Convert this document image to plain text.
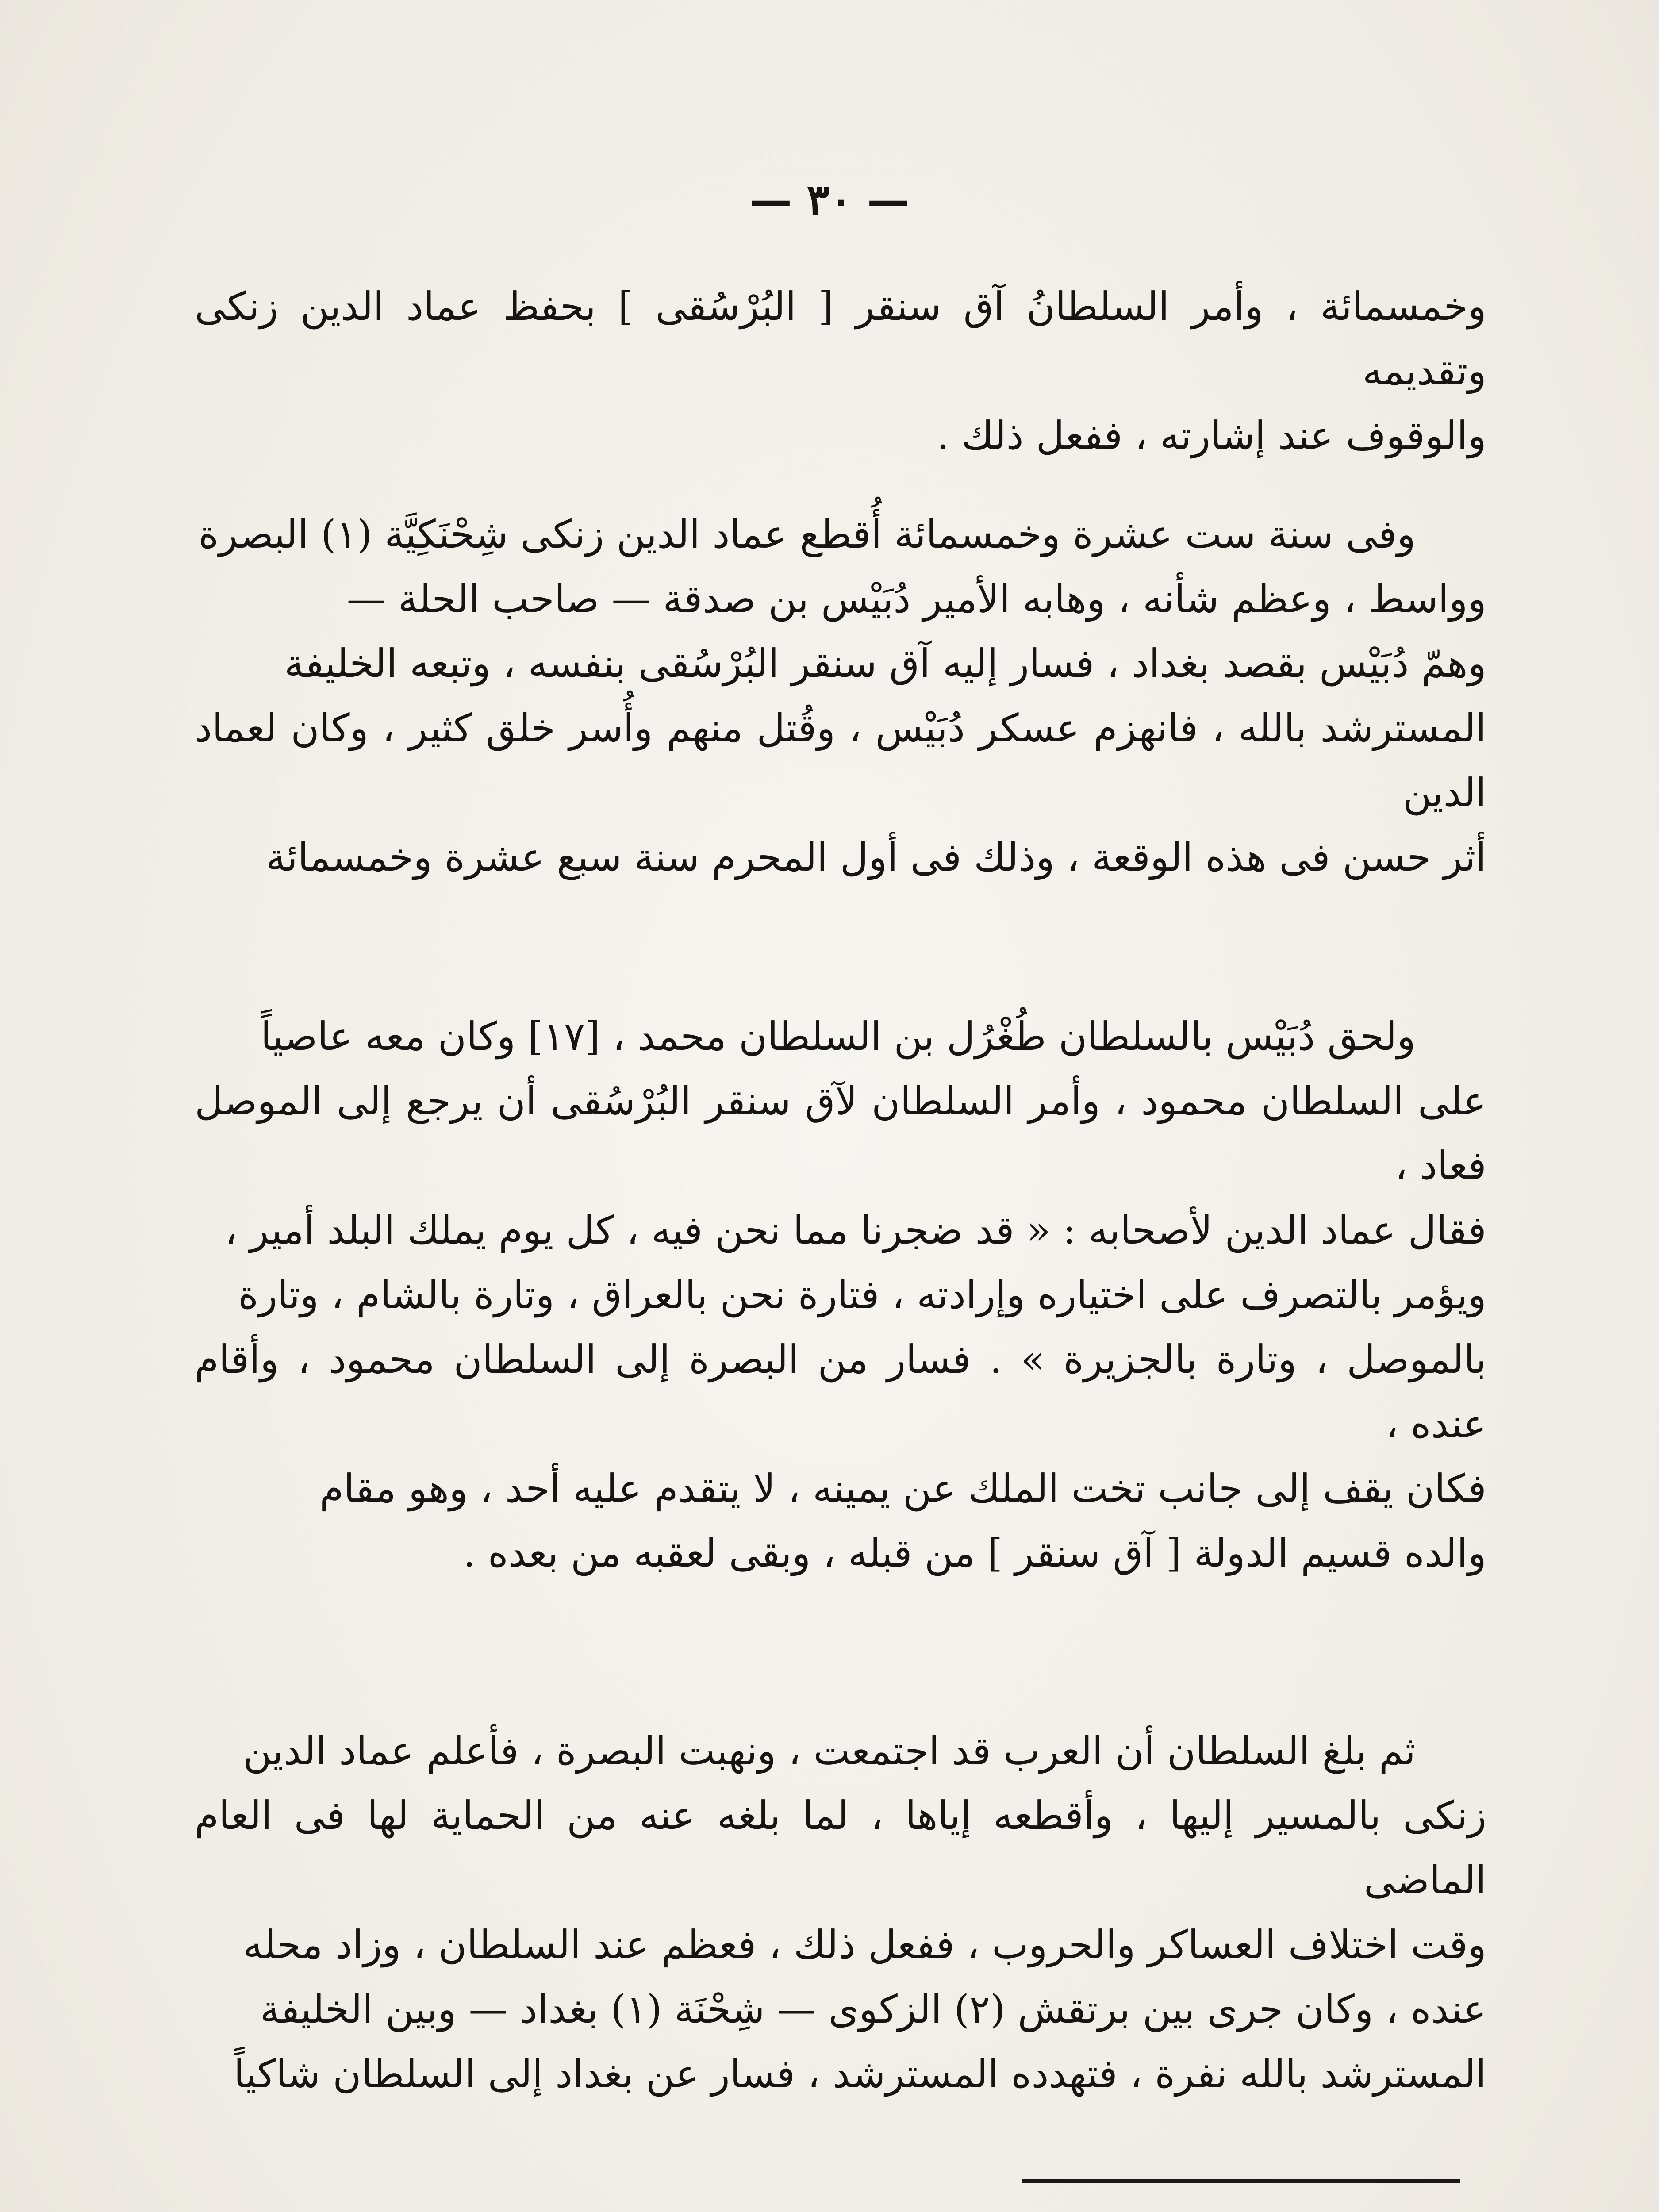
— ٣٠ —

وخمسمائة ، وأمر السلطانُ آق سنقر [ البُرْسُقى ] بحفظ عماد الدين زنكى وتقديمه

والوقوف عند إشارته ، ففعل ذلك .

وفى سنة ست عشرة وخمسمائة أُقطع عماد الدين زنكى شِحْنَكِيَّة (١) البصرة

وواسط ، وعظم شأنه ، وهابه الأمير دُبَيْس بن صدقة — صاحب الحلة —

وهمّ دُبَيْس بقصد بغداد ، فسار إليه آق سنقر البُرْسُقى بنفسه ، وتبعه الخليفة

المسترشد بالله ، فانهزم عسكر دُبَيْس ، وقُتل منهم وأُسر خلق كثير ، وكان لعماد الدين

أثر حسن فى هذه الوقعة ، وذلك فى أول المحرم سنة سبع عشرة وخمسمائة

ولحق دُبَيْس بالسلطان طُغْرُل بن السلطان محمد ، [١٧] وكان معه عاصياً

على السلطان محمود ، وأمر السلطان لآق سنقر البُرْسُقى أن يرجع إلى الموصل فعاد ،

فقال عماد الدين لأصحابه : « قد ضجرنا مما نحن فيه ، كل يوم يملك البلد أمير ،

ويؤمر بالتصرف على اختياره وإرادته ، فتارة نحن بالعراق ، وتارة بالشام ، وتارة

بالموصل ، وتارة بالجزيرة » . فسار من البصرة إلى السلطان محمود ، وأقام عنده ،

فكان يقف إلى جانب تخت الملك عن يمينه ، لا يتقدم عليه أحد ، وهو مقام

والده قسيم الدولة [ آق سنقر ] من قبله ، وبقى لعقبه من بعده .

ثم بلغ السلطان أن العرب قد اجتمعت ، ونهبت البصرة ، فأعلم عماد الدين

زنكى بالمسير إليها ، وأقطعه إياها ، لما بلغه عنه من الحماية لها فى العام الماضى

وقت اختلاف العساكر والحروب ، ففعل ذلك ، فعظم عند السلطان ، وزاد محله

عنده ، وكان جرى بين برتقش (٢) الزكوى — شِحْنَة (١) بغداد — وبين الخليفة

المسترشد بالله نفرة ، فتهدده المسترشد ، فسار عن بغداد إلى السلطان شاكياً
